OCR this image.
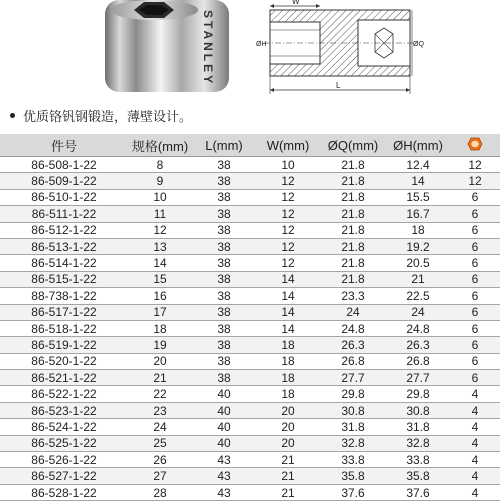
STANLEY
W
ØH	ØQ
L
优质铬钒钢锻造，薄壁设计。
件号	规格(mm)	L(mm)	W(mm)	ØQ(mm)	ØH(mm)	

86-508-1-22	8	38	10	21.8	12.4	12
86-509-1-22	9	38	12	21.8	14	12
86-510-1-22	10	38	12	21.8	15.5	6
86-511-1-22	11	38	12	21.8	16.7	6
86-512-1-22	12	38	12	21.8	18	6
86-513-1-22	13	38	12	21.8	19.2	6
86-514-1-22	14	38	12	21.8	20.5	6
86-515-1-22	15	38	14	21.8	21	6
88-738-1-22	16	38	14	23.3	22.5	6
86-517-1-22	17	38	14	24	24	6
86-518-1-22	18	38	14	24.8	24.8	6
86-519-1-22	19	38	18	26.3	26.3	6
86-520-1-22	20	38	18	26.8	26.8	6
86-521-1-22	21	38	18	27.7	27.7	6
86-522-1-22	22	40	18	29.8	29.8	4
86-523-1-22	23	40	20	30.8	30.8	4
86-524-1-22	24	40	20	31.8	31.8	4
86-525-1-22	25	40	20	32.8	32.8	4
86-526-1-22	26	43	21	33.8	33.8	4
86-527-1-22	27	43	21	35.8	35.8	4
86-528-1-22	28	43	21	37.6	37.6	4
